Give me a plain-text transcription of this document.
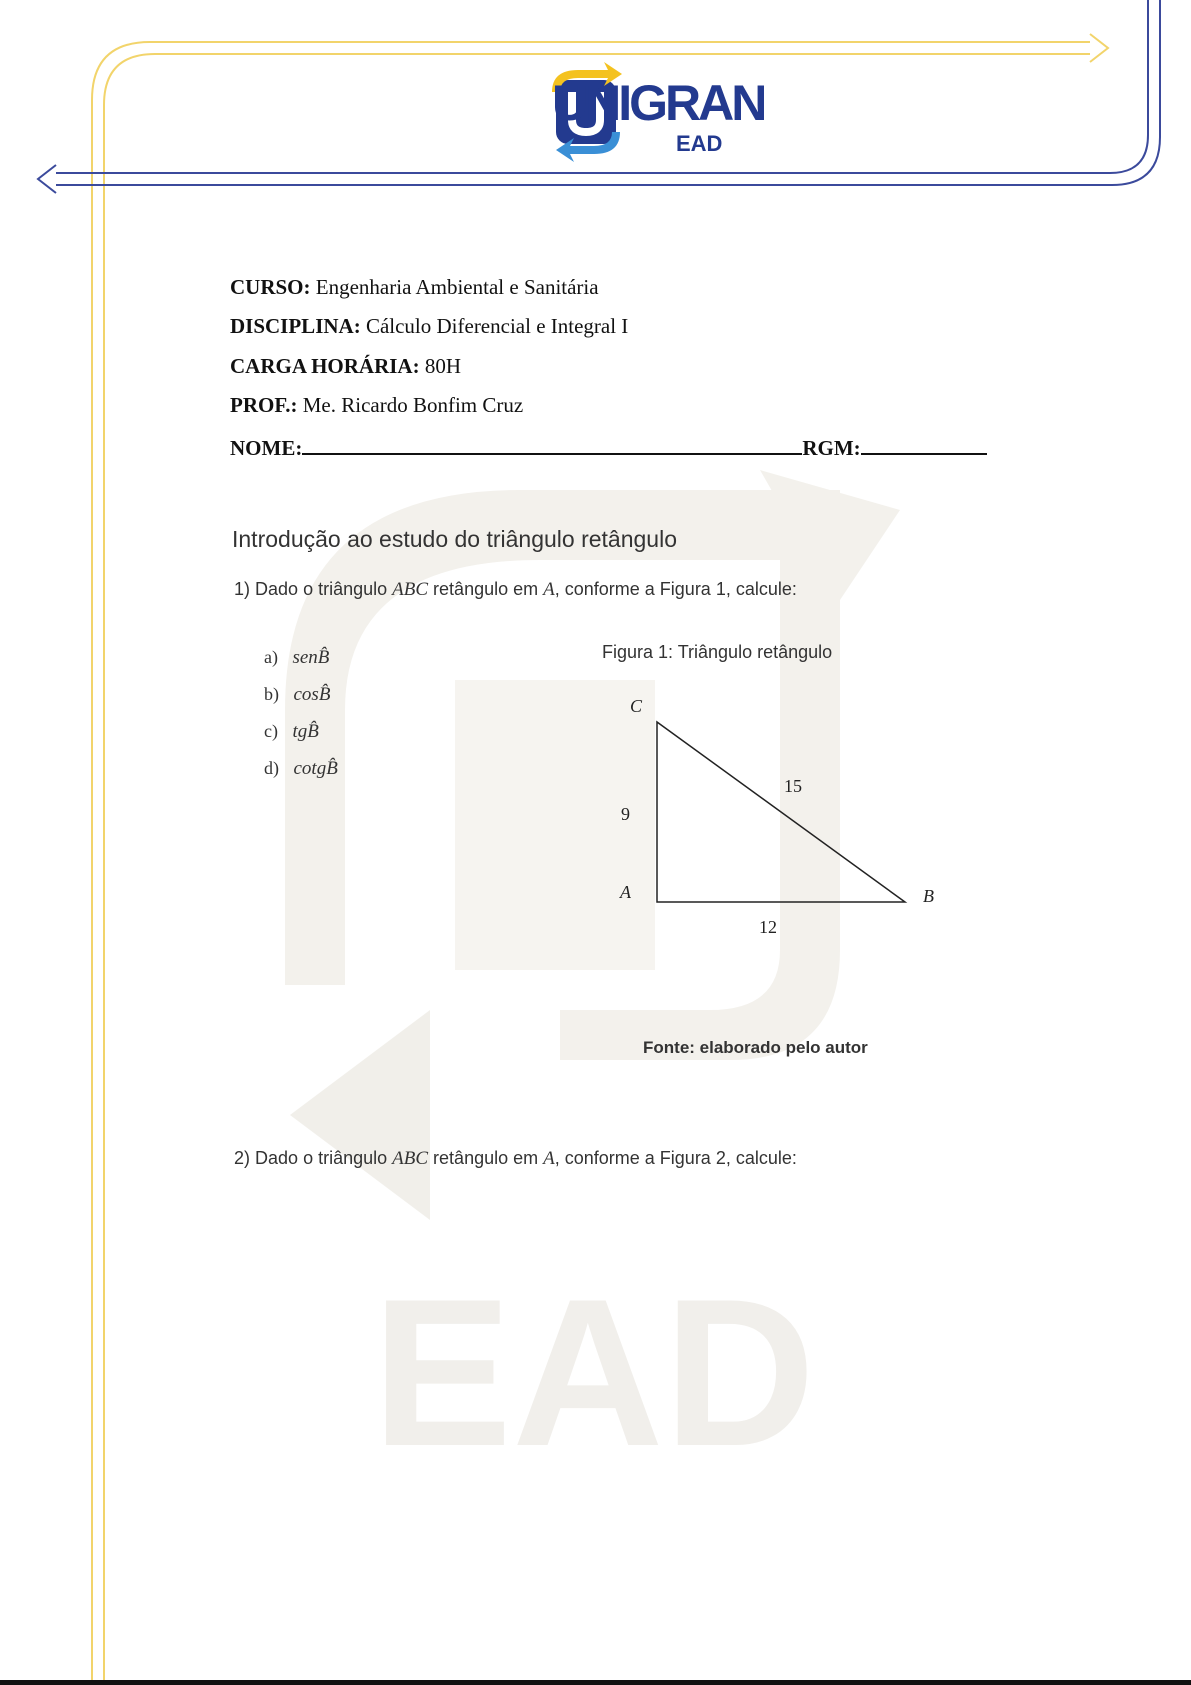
EAD
UNIGRAN
EAD
CURSO: Engenharia Ambiental e Sanitária
DISCIPLINA: Cálculo Diferencial e Integral I
CARGA HORÁRIA: 80H
PROF.: Me. Ricardo Bonfim Cruz
NOME:	RGM:
Introdução ao estudo do triângulo retângulo
1) Dado o triângulo ABC retângulo em A, conforme a Figura 1, calcule:
a) senB̂
b) cosB̂
c) tgB̂
d) cotgB̂
Figura 1: Triângulo retângulo
C
A	B
9
15
12
Fonte: elaborado pelo autor
2) Dado o triângulo ABC retângulo em A, conforme a Figura 2, calcule:
